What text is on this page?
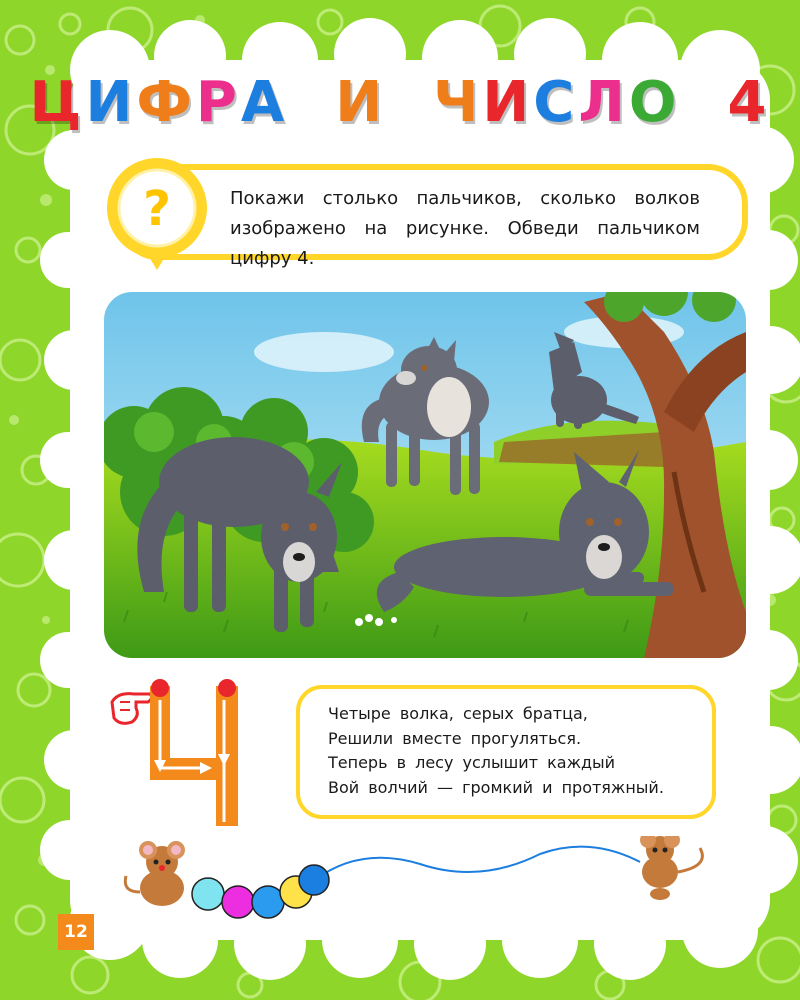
ЦИФРА И ЧИСЛО 4
?	Покажи столько пальчиков, сколько волков изображено на рисунке. Обведи пальчиком цифру 4.

Четыре волка, серых братца,
Решили вместе прогуляться.
Теперь в лесу услышит каждый
Вой волчий — громкий и протяжный.
12
